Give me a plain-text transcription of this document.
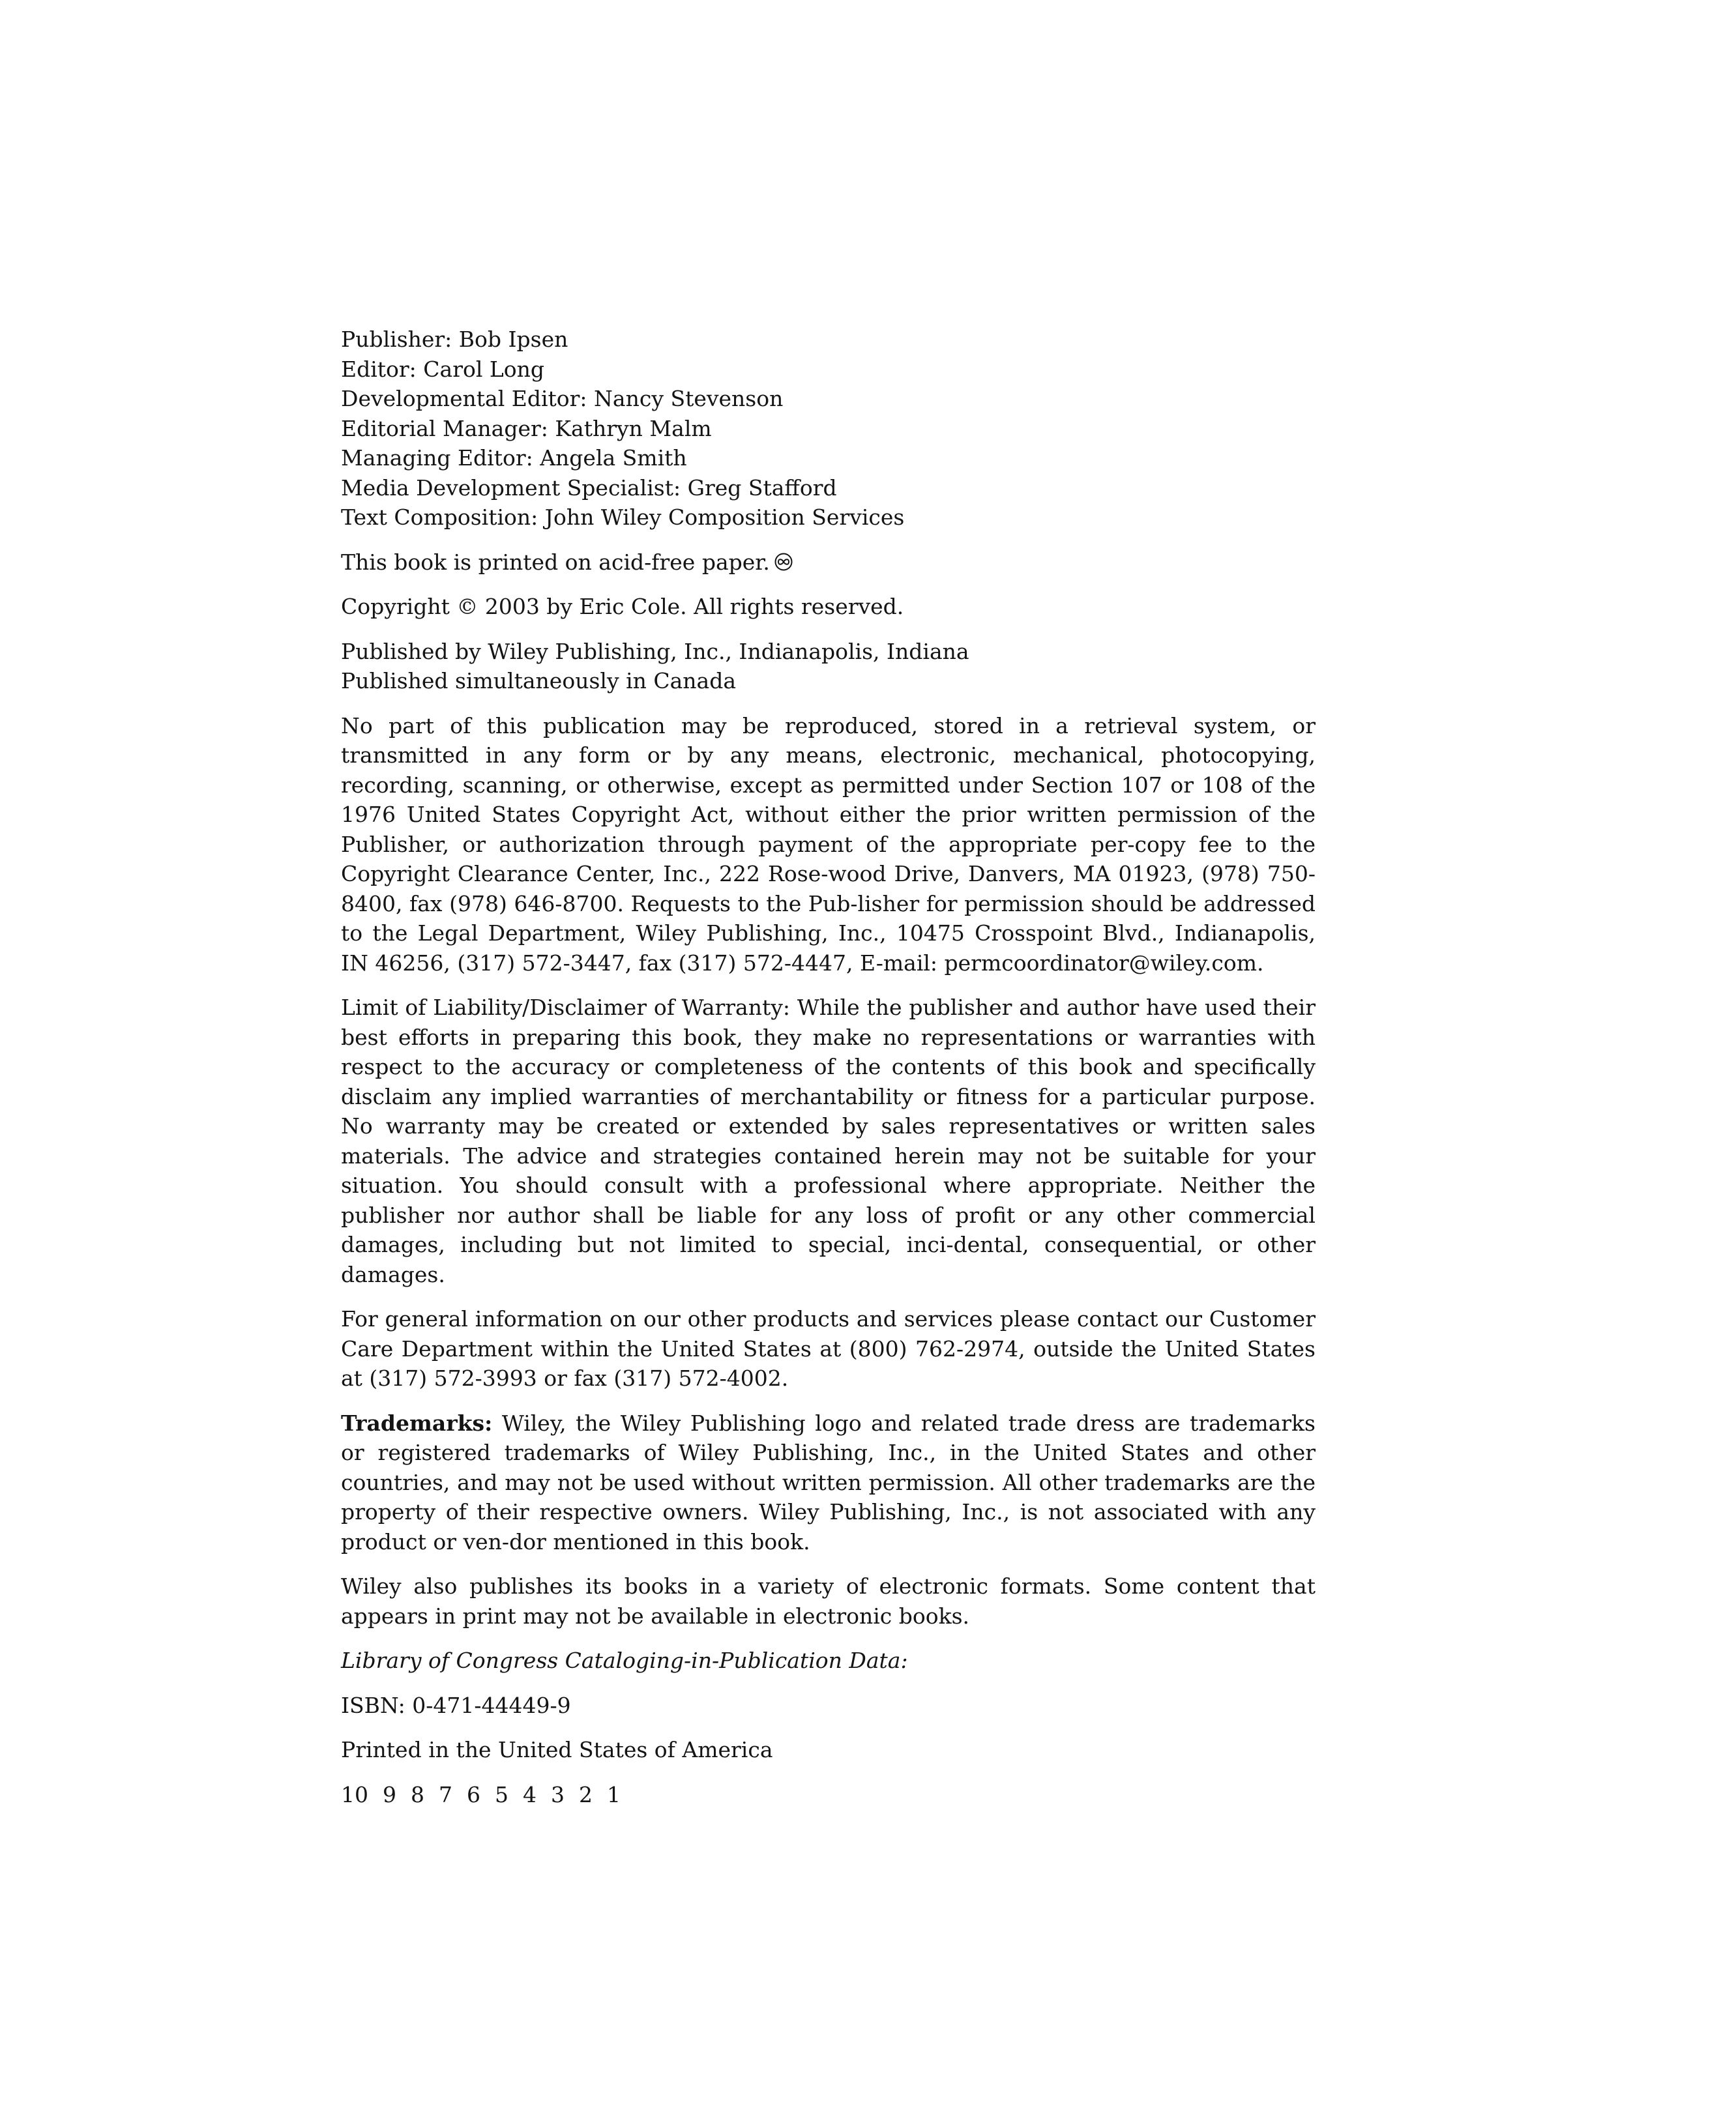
Publisher: Bob Ipsen
Editor: Carol Long
Developmental Editor: Nancy Stevenson
Editorial Manager: Kathryn Malm
Managing Editor: Angela Smith
Media Development Specialist: Greg Stafford
Text Composition: John Wiley Composition Services
This book is printed on acid-free paper.
Copyright © 2003 by Eric Cole. All rights reserved.
Published by Wiley Publishing, Inc., Indianapolis, Indiana
Published simultaneously in Canada
No part of this publication may be reproduced, stored in a retrieval system, or transmitted in any form or by any means, electronic, mechanical, photocopying, recording, scanning, or otherwise, except as permitted under Section 107 or 108 of the 1976 United States Copyright Act, without either the prior written permission of the Publisher, or authorization through payment of the appropriate per-copy fee to the Copyright Clearance Center, Inc., 222 Rose-wood Drive, Danvers, MA 01923, (978) 750-8400, fax (978) 646-8700. Requests to the Pub-lisher for permission should be addressed to the Legal Department, Wiley Publishing, Inc., 10475 Crosspoint Blvd., Indianapolis, IN 46256, (317) 572-3447, fax (317) 572-4447, E-mail: permcoordinator@wiley.com.
Limit of Liability/Disclaimer of Warranty: While the publisher and author have used their best efforts in preparing this book, they make no representations or warranties with respect to the accuracy or completeness of the contents of this book and specifically disclaim any implied warranties of merchantability or fitness for a particular purpose. No warranty may be created or extended by sales representatives or written sales materials. The advice and strategies contained herein may not be suitable for your situation. You should consult with a professional where appropriate. Neither the publisher nor author shall be liable for any loss of profit or any other commercial damages, including but not limited to special, inci-dental, consequential, or other damages.
For general information on our other products and services please contact our Customer Care Department within the United States at (800) 762-2974, outside the United States at (317) 572-3993 or fax (317) 572-4002.
Trademarks: Wiley, the Wiley Publishing logo and related trade dress are trademarks or registered trademarks of Wiley Publishing, Inc., in the United States and other countries, and may not be used without written permission. All other trademarks are the property of their respective owners. Wiley Publishing, Inc., is not associated with any product or ven-dor mentioned in this book.
Wiley also publishes its books in a variety of electronic formats. Some content that appears in print may not be available in electronic books.
Library of Congress Cataloging-in-Publication Data:
ISBN: 0-471-44449-9
Printed in the United States of America
10 9 8 7 6 5 4 3 2 1
